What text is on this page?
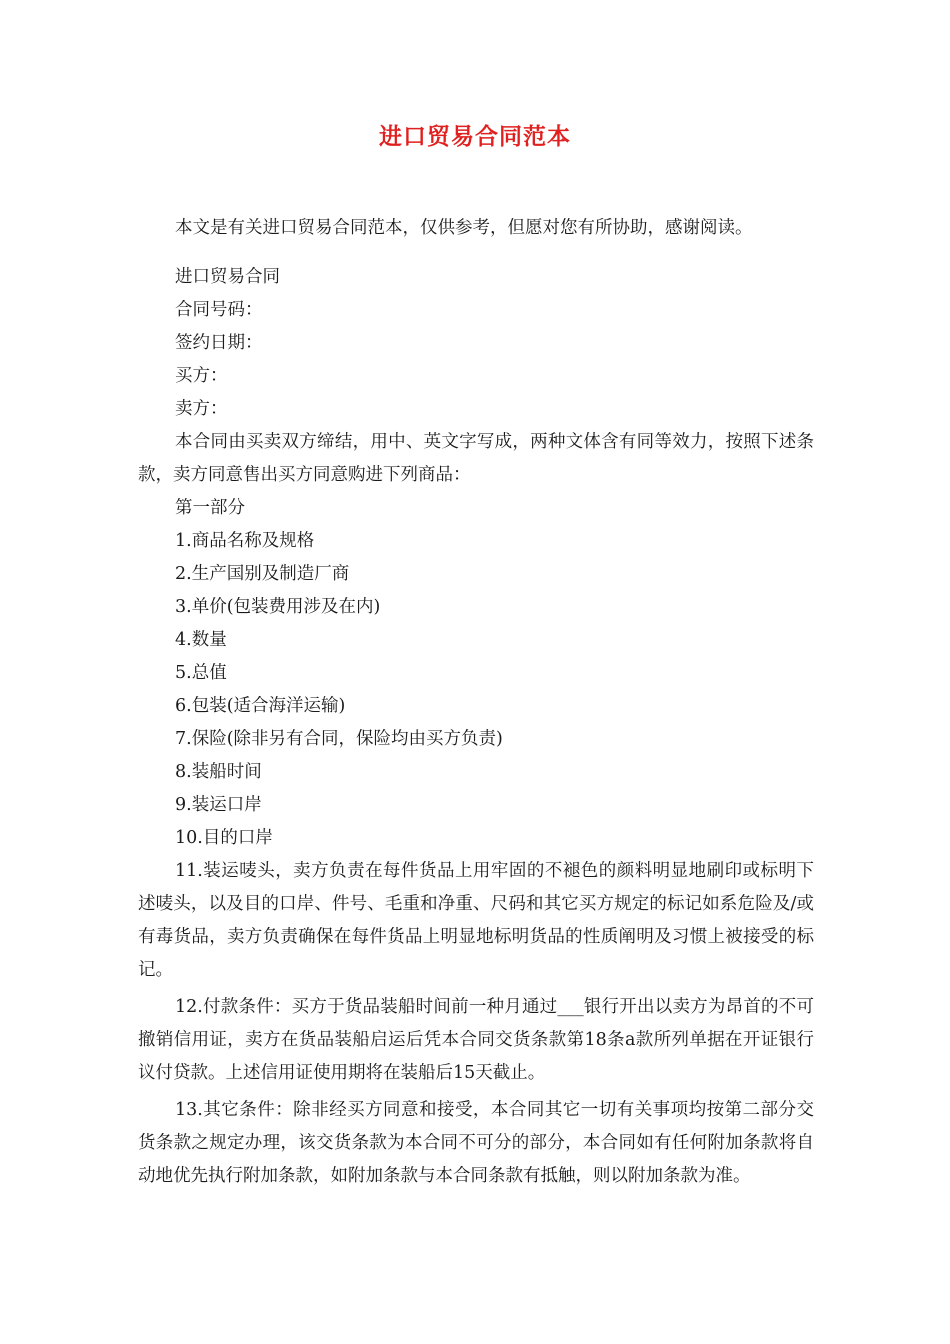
进口贸易合同范本

本文是有关进口贸易合同范本，仅供参考，但愿对您有所协助，感谢阅读。

进口贸易合同

合同号码：

签约日期：

买方：

卖方：

本合同由买卖双方缔结，用中、英文字写成，两种文体含有同等效力，按照下述条款，卖方同意售出买方同意购进下列商品：

第一部分

1.商品名称及规格

2.生产国别及制造厂商

3.单价(包装费用涉及在内)

4.数量

5.总值

6.包装(适合海洋运输)

7.保险(除非另有合同，保险均由买方负责)

8.装船时间

9.装运口岸

10.目的口岸

11.装运唛头，卖方负责在每件货品上用牢固的不褪色的颜料明显地刷印或标明下述唛头，以及目的口岸、件号、毛重和净重、尺码和其它买方规定的标记如系危险及/或有毒货品，卖方负责确保在每件货品上明显地标明货品的性质阐明及习惯上被接受的标记。

12.付款条件：买方于货品装船时间前一种月通过___银行开出以卖方为昂首的不可撤销信用证，卖方在货品装船启运后凭本合同交货条款第18条a款所列单据在开证银行议付贷款。上述信用证使用期将在装船后15天截止。

13.其它条件：除非经买方同意和接受，本合同其它一切有关事项均按第二部分交货条款之规定办理，该交货条款为本合同不可分的部分，本合同如有任何附加条款将自动地优先执行附加条款，如附加条款与本合同条款有抵触，则以附加条款为准。
